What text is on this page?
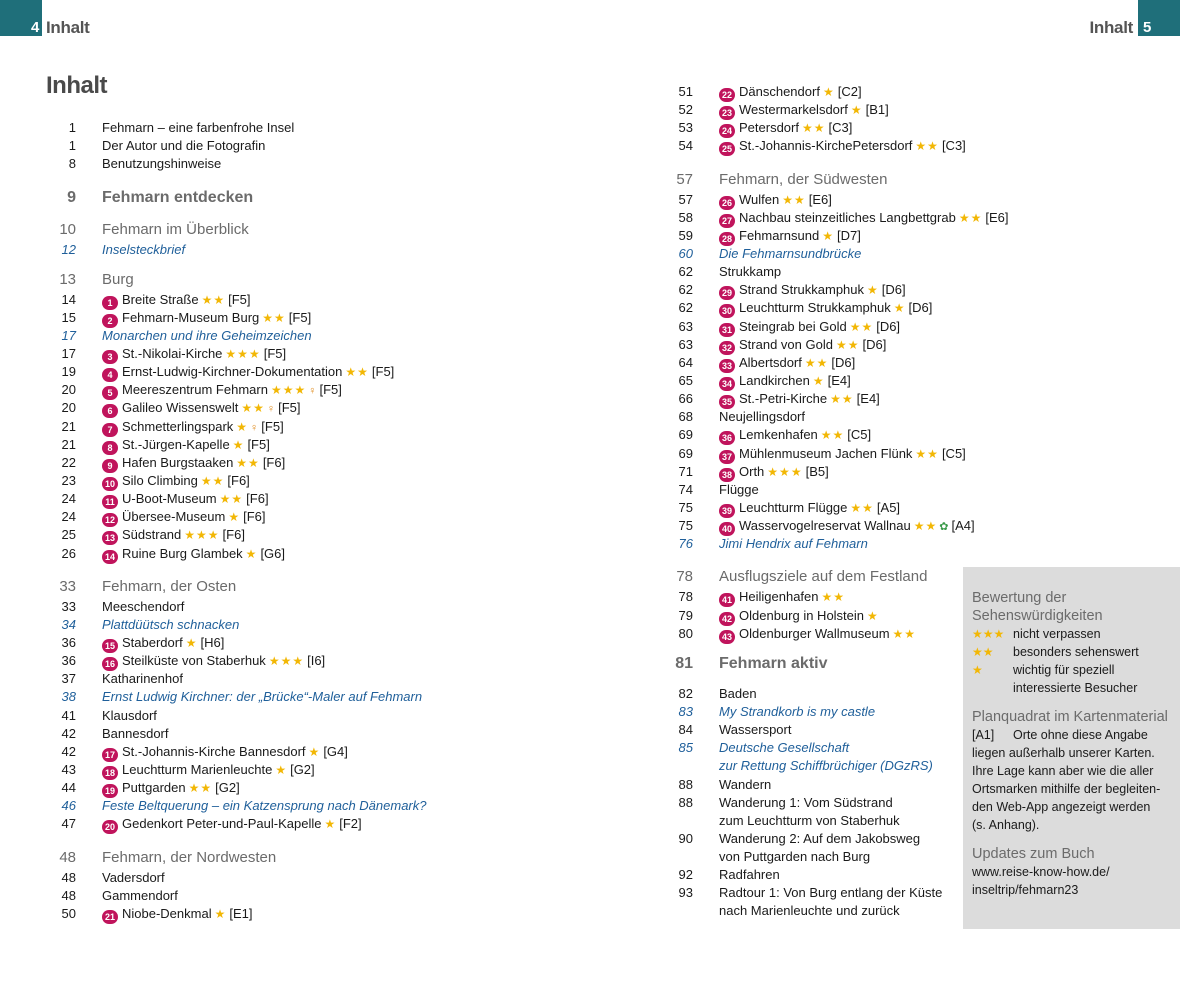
4 Inhalt	Inhalt 5
Inhalt
1	Fehmarn – eine farbenfrohe Insel
1	Der Autor und die Fotografin
8	Benutzungshinweise
9	Fehmarn entdecken
10	Fehmarn im Überblick
12	Inselsteckbrief
13	Burg
14	1 Breite Straße ★★ [F5]
15	2 Fehmarn-Museum Burg ★★ [F5]
17	Monarchen und ihre Geheimzeichen
17	3 St.-Nikolai-Kirche ★★★ [F5]
19	4 Ernst-Ludwig-Kirchner-Dokumentation ★★ [F5]
20	5 Meereszentrum Fehmarn ★★★ ♀ [F5]
20	6 Galileo Wissenswelt ★★ ♀ [F5]
21	7 Schmetterlingspark ★ ♀ [F5]
21	8 St.-Jürgen-Kapelle ★ [F5]
22	9 Hafen Burgstaaken ★★ [F6]
23	10 Silo Climbing ★★ [F6]
24	11 U-Boot-Museum ★★ [F6]
24	12 Übersee-Museum ★ [F6]
25	13 Südstrand ★★★ [F6]
26	14 Ruine Burg Glambek ★ [G6]
33	Fehmarn, der Osten
33	Meeschendorf
34	Plattdüütsch schnacken
36	15 Staberdorf ★ [H6]
36	16 Steilküste von Staberhuk ★★★ [I6]
37	Katharinenhof
38	Ernst Ludwig Kirchner: der „Brücke“-Maler auf Fehmarn
41	Klausdorf
42	Bannesdorf
42	17 St.-Johannis-Kirche Bannesdorf ★ [G4]
43	18 Leuchtturm Marienleuchte ★ [G2]
44	19 Puttgarden ★★ [G2]
46	Feste Beltquerung – ein Katzensprung nach Dänemark?
47	20 Gedenkort Peter-und-Paul-Kapelle ★ [F2]
48	Fehmarn, der Nordwesten
48	Vadersdorf
48	Gammendorf
50	21 Niobe-Denkmal ★ [E1]
51	22 Dänschendorf ★ [C2]
52	23 Westermarkelsdorf ★ [B1]
53	24 Petersdorf ★★ [C3]
54	25 St.-Johannis-KirchePetersdorf ★★ [C3]
57	Fehmarn, der Südwesten
57	26 Wulfen ★★ [E6]
58	27 Nachbau steinzeitliches Langbettgrab ★★ [E6]
59	28 Fehmarnsund ★ [D7]
60	Die Fehmarnsundbrücke
62	Strukkamp
62	29 Strand Strukkamphuk ★ [D6]
62	30 Leuchtturm Strukkamphuk ★ [D6]
63	31 Steingrab bei Gold ★★ [D6]
63	32 Strand von Gold ★★ [D6]
64	33 Albertsdorf ★★ [D6]
65	34 Landkirchen ★ [E4]
66	35 St.-Petri-Kirche ★★ [E4]
68	Neujellingsdorf
69	36 Lemkenhafen ★★ [C5]
69	37 Mühlenmuseum Jachen Flünk ★★ [C5]
71	38 Orth ★★★ [B5]
74	Flügge
75	39 Leuchtturm Flügge ★★ [A5]
75	40 Wasservogelreservat Wallnau ★★ ✿ [A4]
76	Jimi Hendrix auf Fehmarn
78	Ausflugsziele auf dem Festland
78	41 Heiligenhafen ★★
79	42 Oldenburg in Holstein ★
80	43 Oldenburger Wallmuseum ★★
81	Fehmarn aktiv
82	Baden
83	My Strandkorb is my castle
84	Wassersport
85	Deutsche Gesellschaft
zur Rettung Schiffbrüchiger (DGzRS)
88	Wandern
88	Wanderung 1: Vom Südstrand
zum Leuchtturm von Staberhuk
90	Wanderung 2: Auf dem Jakobsweg
von Puttgarden nach Burg
92	Radfahren
93	Radtour 1: Von Burg entlang der Küste
nach Marienleuchte und zurück
Bewertung der
Sehenswürdigkeiten
★★★ nicht verpassen
★★	besonders sehenswert
★	wichtig für speziell
interessierte Besucher
Planquadrat im Kartenmaterial
[A1]	Orte ohne diese Angabe

liegen außerhalb unserer Karten.

Ihre Lage kann aber wie die aller

Ortsmarken mithilfe der begleiten-

den Web-App angezeigt werden

(s. Anhang).

Updates zum Buch

www.reise-know-how.de/

inseltrip/fehmarn23
